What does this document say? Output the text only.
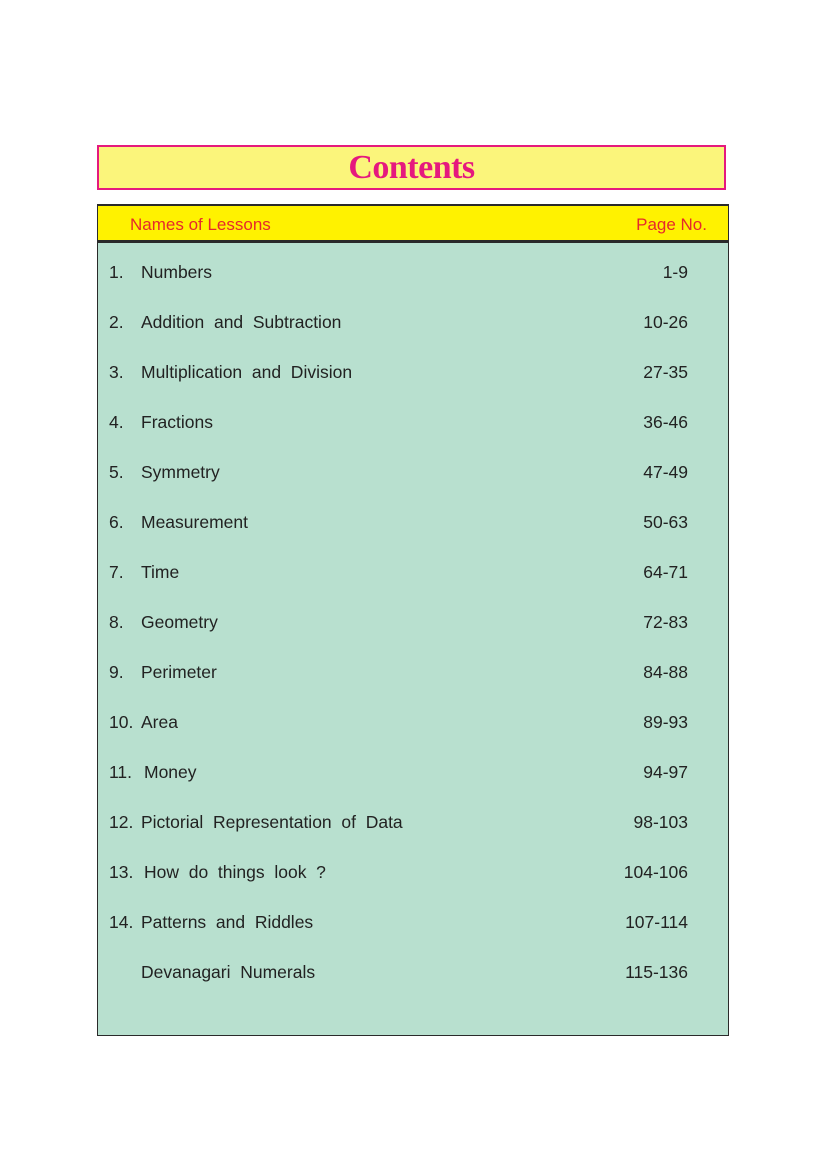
Contents
Names of Lessons	Page No.
1. Numbers	1-9
2. Addition  and  Subtraction	10-26
3. Multiplication  and  Division	27-35
4. Fractions	36-46
5. Symmetry	47-49
6. Measurement	50-63
7. Time	64-71
8. Geometry	72-83
9. Perimeter	84-88
10. Area	89-93
11. Money	94-97
12. Pictorial  Representation  of  Data	98-103
13. How  do  things  look  ?	104-106
14. Patterns  and  Riddles	107-114
Devanagari  Numerals	115-136
